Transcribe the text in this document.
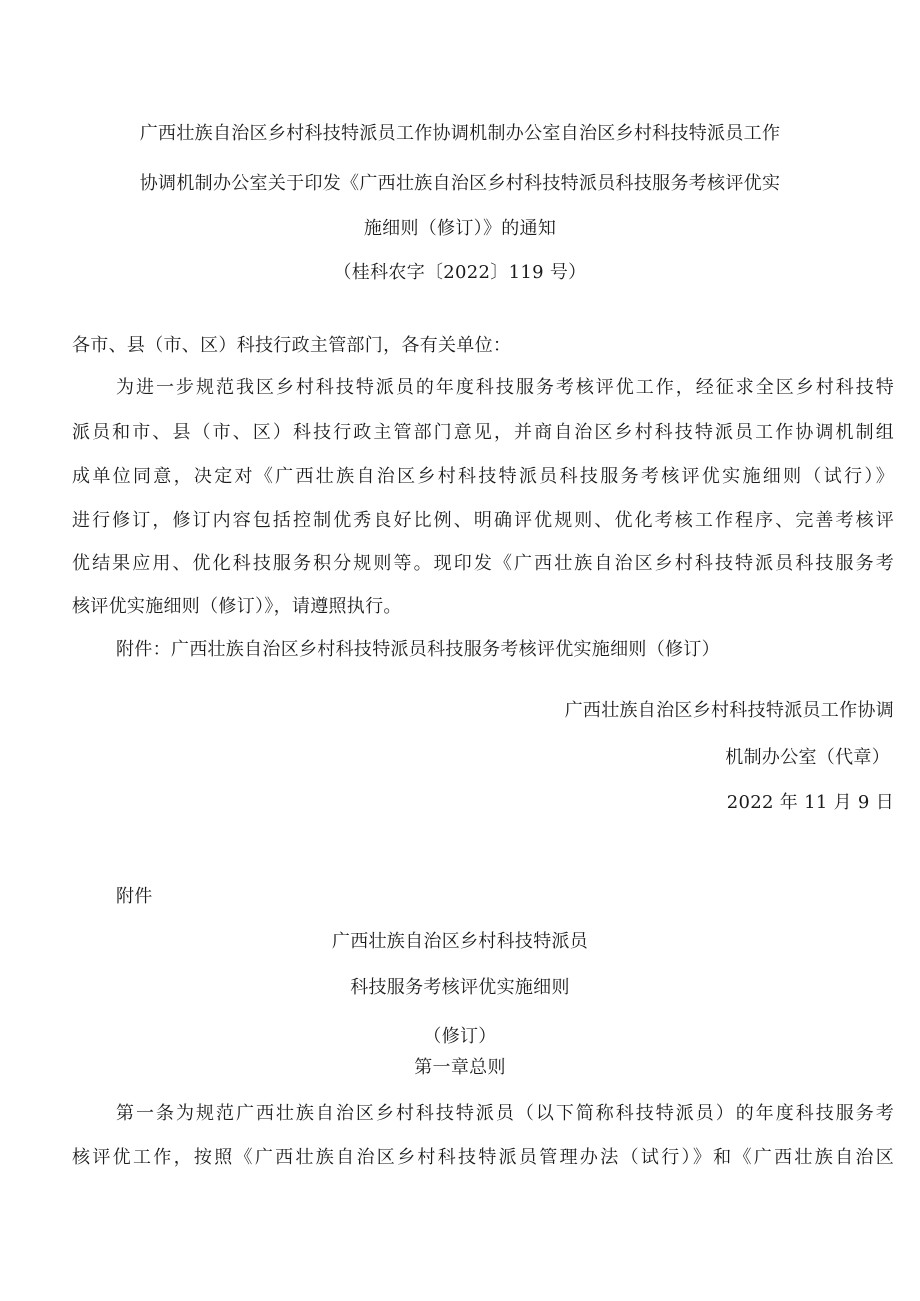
广西壮族自治区乡村科技特派员工作协调机制办公室自治区乡村科技特派员工作
协调机制办公室关于印发《广西壮族自治区乡村科技特派员科技服务考核评优实
施细则（修订）》的通知
（桂科农字〔2022〕119 号）
各市、县（市、区）科技行政主管部门，各有关单位：
为进一步规范我区乡村科技特派员的年度科技服务考核评优工作，经征求全区乡村科技特
派员和市、县（市、区）科技行政主管部门意见，并商自治区乡村科技特派员工作协调机制组
成单位同意，决定对《广西壮族自治区乡村科技特派员科技服务考核评优实施细则（试行）》
进行修订，修订内容包括控制优秀良好比例、明确评优规则、优化考核工作程序、完善考核评
优结果应用、优化科技服务积分规则等。现印发《广西壮族自治区乡村科技特派员科技服务考
核评优实施细则（修订）》，请遵照执行。
附件：广西壮族自治区乡村科技特派员科技服务考核评优实施细则（修订）
广西壮族自治区乡村科技特派员工作协调
机制办公室（代章）
2022 年 11 月 9 日
附件
广西壮族自治区乡村科技特派员
科技服务考核评优实施细则
（修订）
第一章总则
第一条为规范广西壮族自治区乡村科技特派员（以下简称科技特派员）的年度科技服务考
核评优工作，按照《广西壮族自治区乡村科技特派员管理办法（试行）》和《广西壮族自治区
